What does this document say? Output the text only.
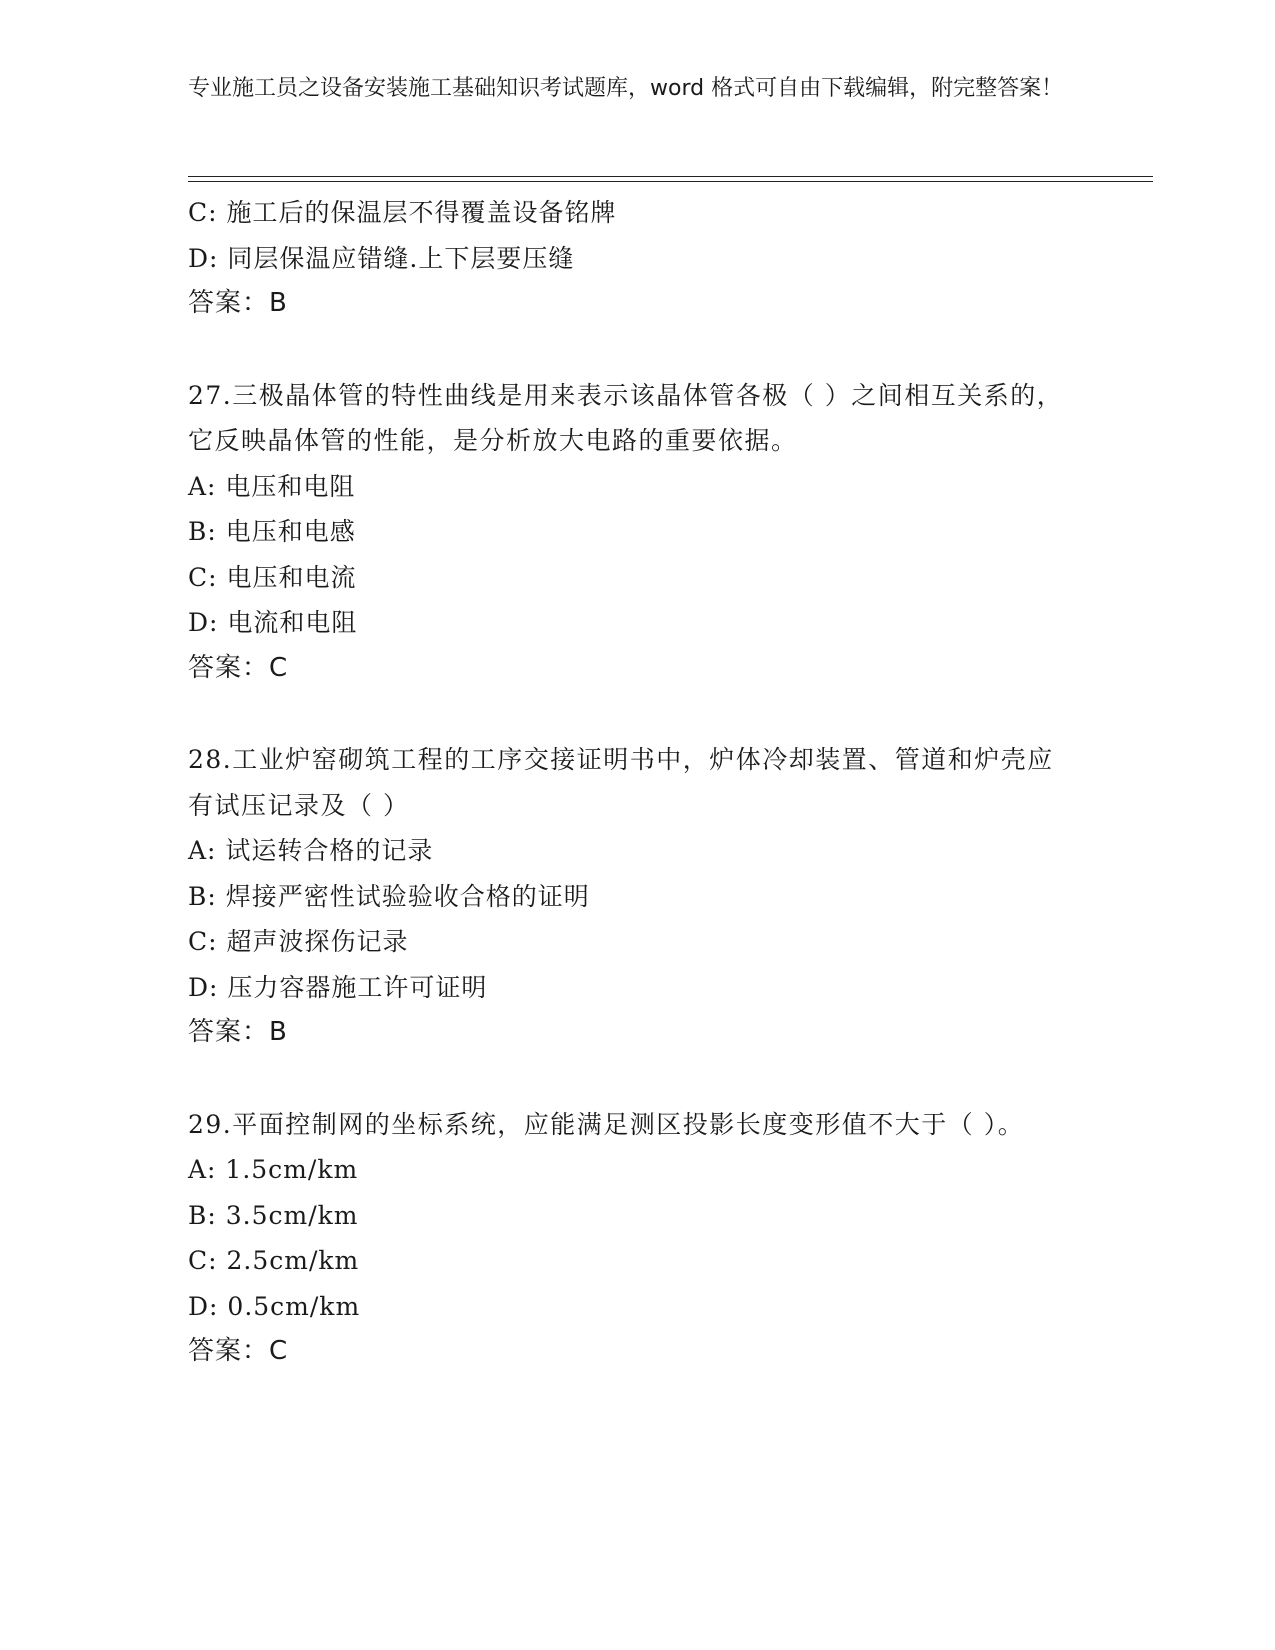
专业施工员之设备安装施工基础知识考试题库，word 格式可自由下载编辑，附完整答案！
C: 施工后的保温层不得覆盖设备铭牌
D: 同层保温应错缝.上下层要压缝
答案：B
27.三极晶体管的特性曲线是用来表示该晶体管各极（ ）之间相互关系的，它反映晶体管的性能，是分析放大电路的重要依据。
A: 电压和电阻
B: 电压和电感
C: 电压和电流
D: 电流和电阻
答案：C
28.工业炉窑砌筑工程的工序交接证明书中，炉体冷却装置、管道和炉壳应有试压记录及（ ）
A: 试运转合格的记录
B: 焊接严密性试验验收合格的证明
C: 超声波探伤记录
D: 压力容器施工许可证明
答案：B
29.平面控制网的坐标系统，应能满足测区投影长度变形值不大于（ ）。
A: 1.5cm/km
B: 3.5cm/km
C: 2.5cm/km
D: 0.5cm/km
答案：C
